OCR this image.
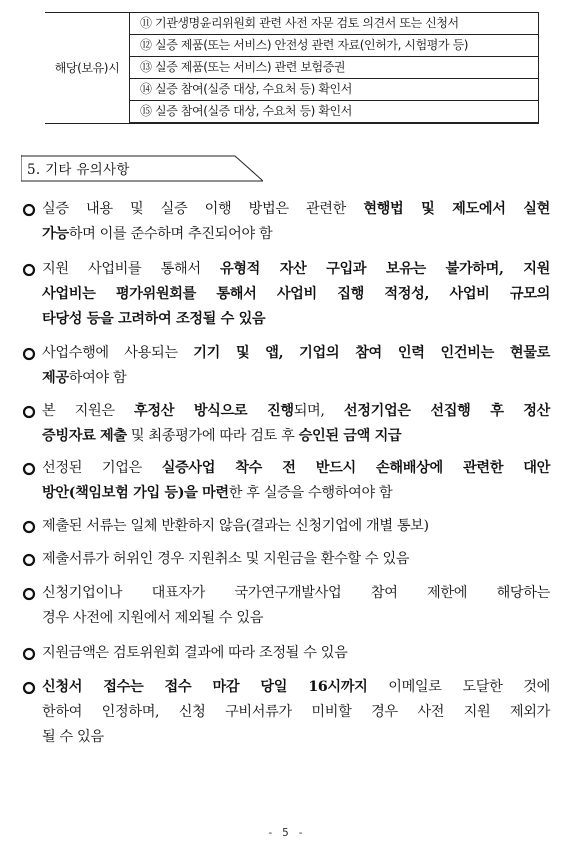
해당(보유)시	⑪ 기관생명윤리위원회 관련 사전 자문 검토 의견서 또는 신청서
⑫ 실증 제품(또는 서비스) 안전성 관련 자료(인허가, 시험평가 등)
⑬ 실증 제품(또는 서비스) 관련 보험증권
⑭ 실증 참여(실증 대상, 수요처 등) 확인서
⑮ 실증 참여(실증 대상, 수요처 등) 확인서
5. 기타 유의사항
실증 내용 및 실증 이행 방법은 관련한 현행법 및 제도에서 실현
가능하며 이를 준수하며 추진되어야 함
지원 사업비를 통해서 유형적 자산 구입과 보유는 불가하며, 지원
사업비는 평가위원회를 통해서 사업비 집행 적정성, 사업비 규모의
타당성 등을 고려하여 조정될 수 있음
사업수행에 사용되는 기기 및 앱, 기업의 참여 인력 인건비는 현물로
제공하여야 함
본 지원은 후정산 방식으로 진행되며, 선정기업은 선집행 후 정산
증빙자료 제출 및 최종평가에 따라 검토 후 승인된 금액 지급
선정된 기업은 실증사업 착수 전 반드시 손해배상에 관련한 대안
방안(책임보험 가입 등)을 마련한 후 실증을 수행하여야 함
제출된 서류는 일체 반환하지 않음(결과는 신청기업에 개별 통보)
제출서류가 허위인 경우 지원취소 및 지원금을 환수할 수 있음
신청기업이나 대표자가 국가연구개발사업 참여 제한에 해당하는
경우 사전에 지원에서 제외될 수 있음
지원금액은 검토위원회 결과에 따라 조정될 수 있음
신청서 접수는 접수 마감 당일 16시까지 이메일로 도달한 것에
한하여 인정하며, 신청 구비서류가 미비할 경우 사전 지원 제외가
될 수 있음
- 5 -
